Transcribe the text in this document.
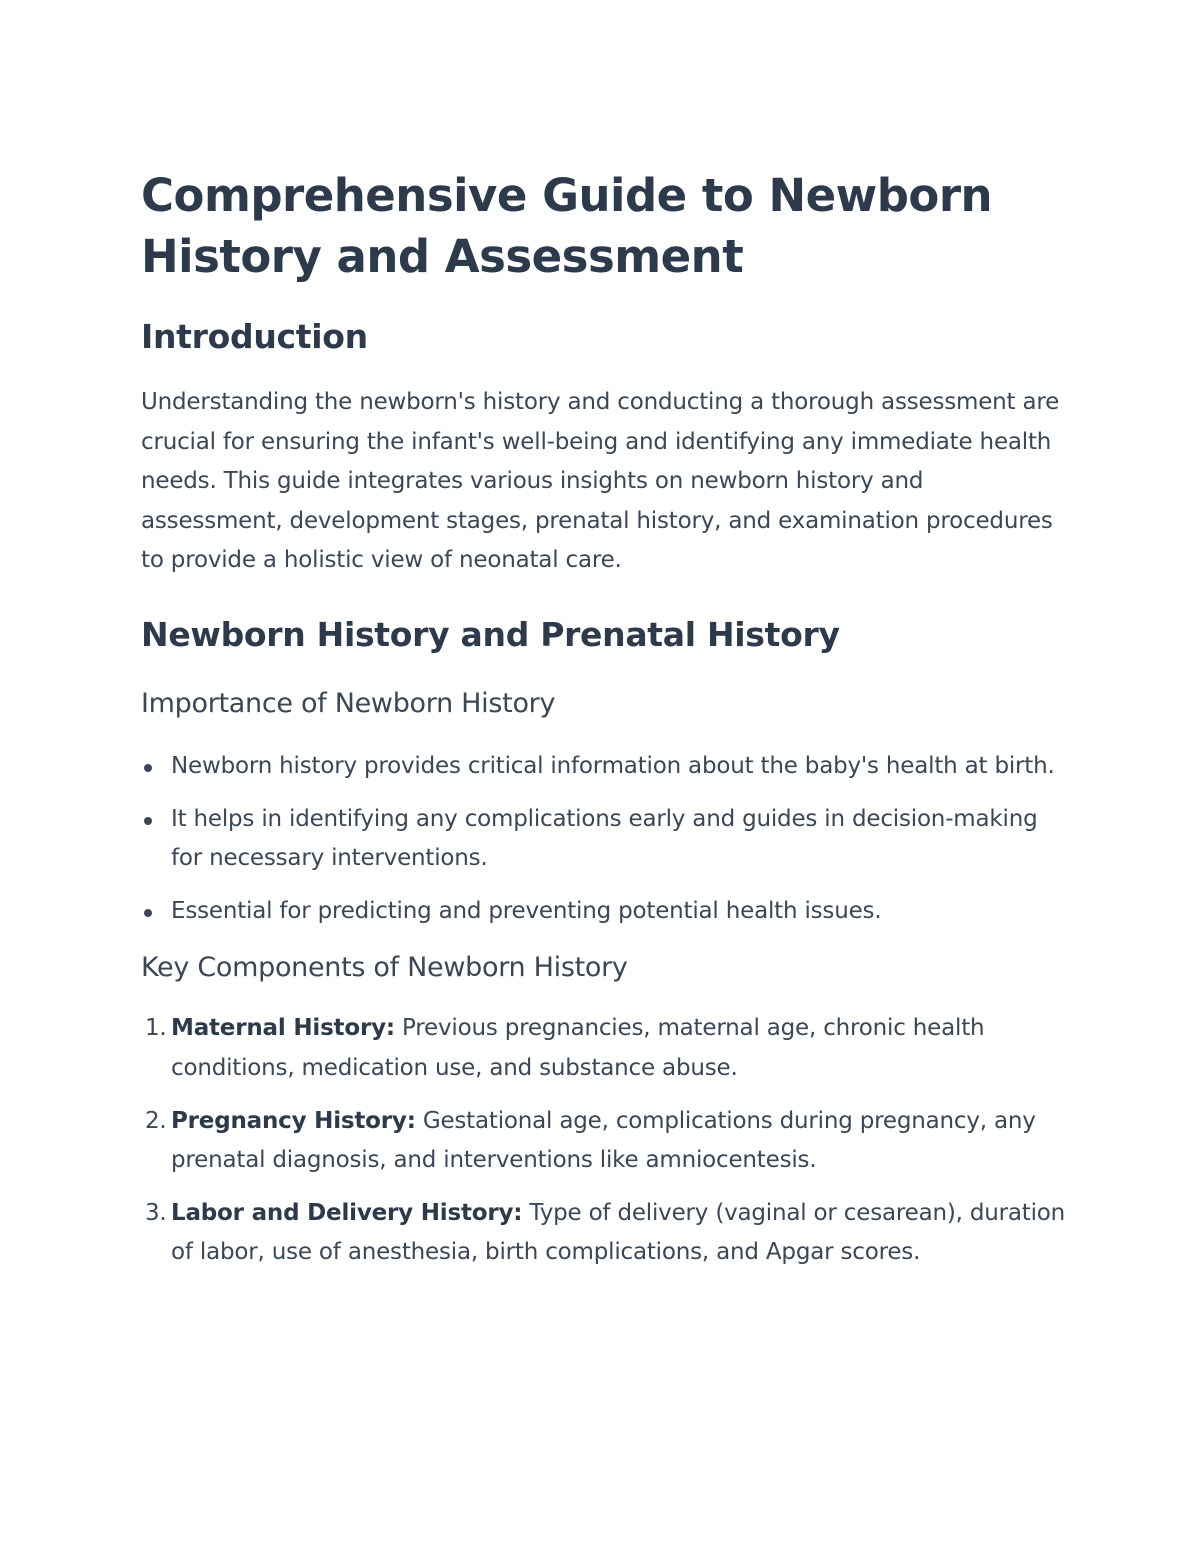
Comprehensive Guide to Newborn History and Assessment
Introduction

Understanding the newborn's history and conducting a thorough assessment are crucial for ensuring the infant's well-being and identifying any immediate health needs. This guide integrates various insights on newborn history and assessment, development stages, prenatal history, and examination procedures to provide a holistic view of neonatal care.

Newborn History and Prenatal History
Importance of Newborn History
Newborn history provides critical information about the baby's health at birth.
It helps in identifying any complications early and guides in decision-making for necessary interventions.
Essential for predicting and preventing potential health issues.
Key Components of Newborn History
1. Maternal History: Previous pregnancies, maternal age, chronic health conditions, medication use, and substance abuse.
2. Pregnancy History: Gestational age, complications during pregnancy, any prenatal diagnosis, and interventions like amniocentesis.
3. Labor and Delivery History: Type of delivery (vaginal or cesarean), duration of labor, use of anesthesia, birth complications, and Apgar scores.
